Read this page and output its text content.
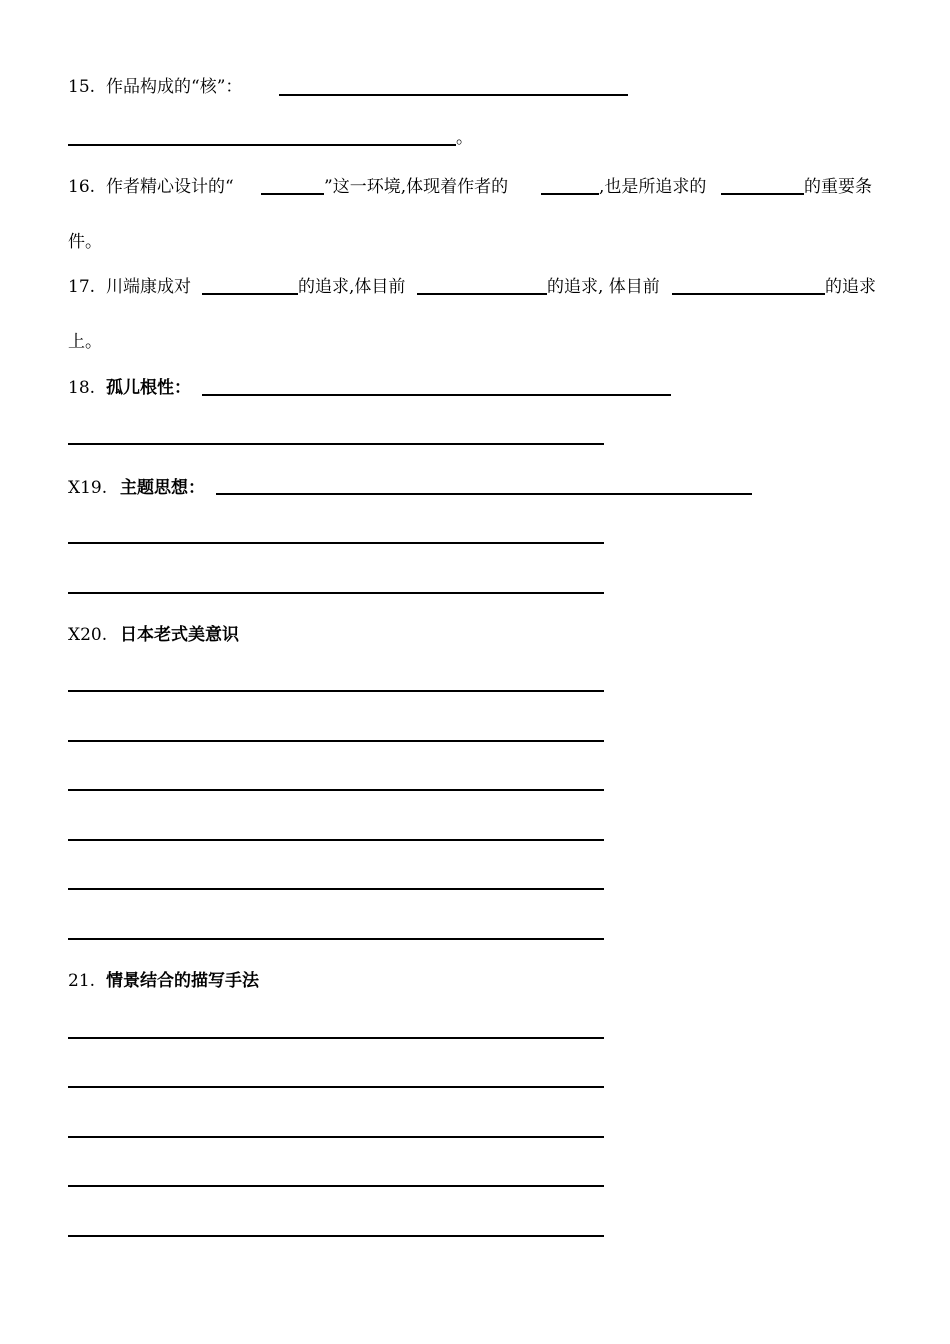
15. 作品构成的“核”：
。
16. 作者精心设计的“	”这一环境,体现着作者的	,也是所追求的	的重要条
件。
17. 川端康成对	的追求,体目前	的追求, 体目前	的追求
上。
18. 孤儿根性：
X19. 主题思想：
X20. 日本老式美意识
21. 情景结合的描写手法
